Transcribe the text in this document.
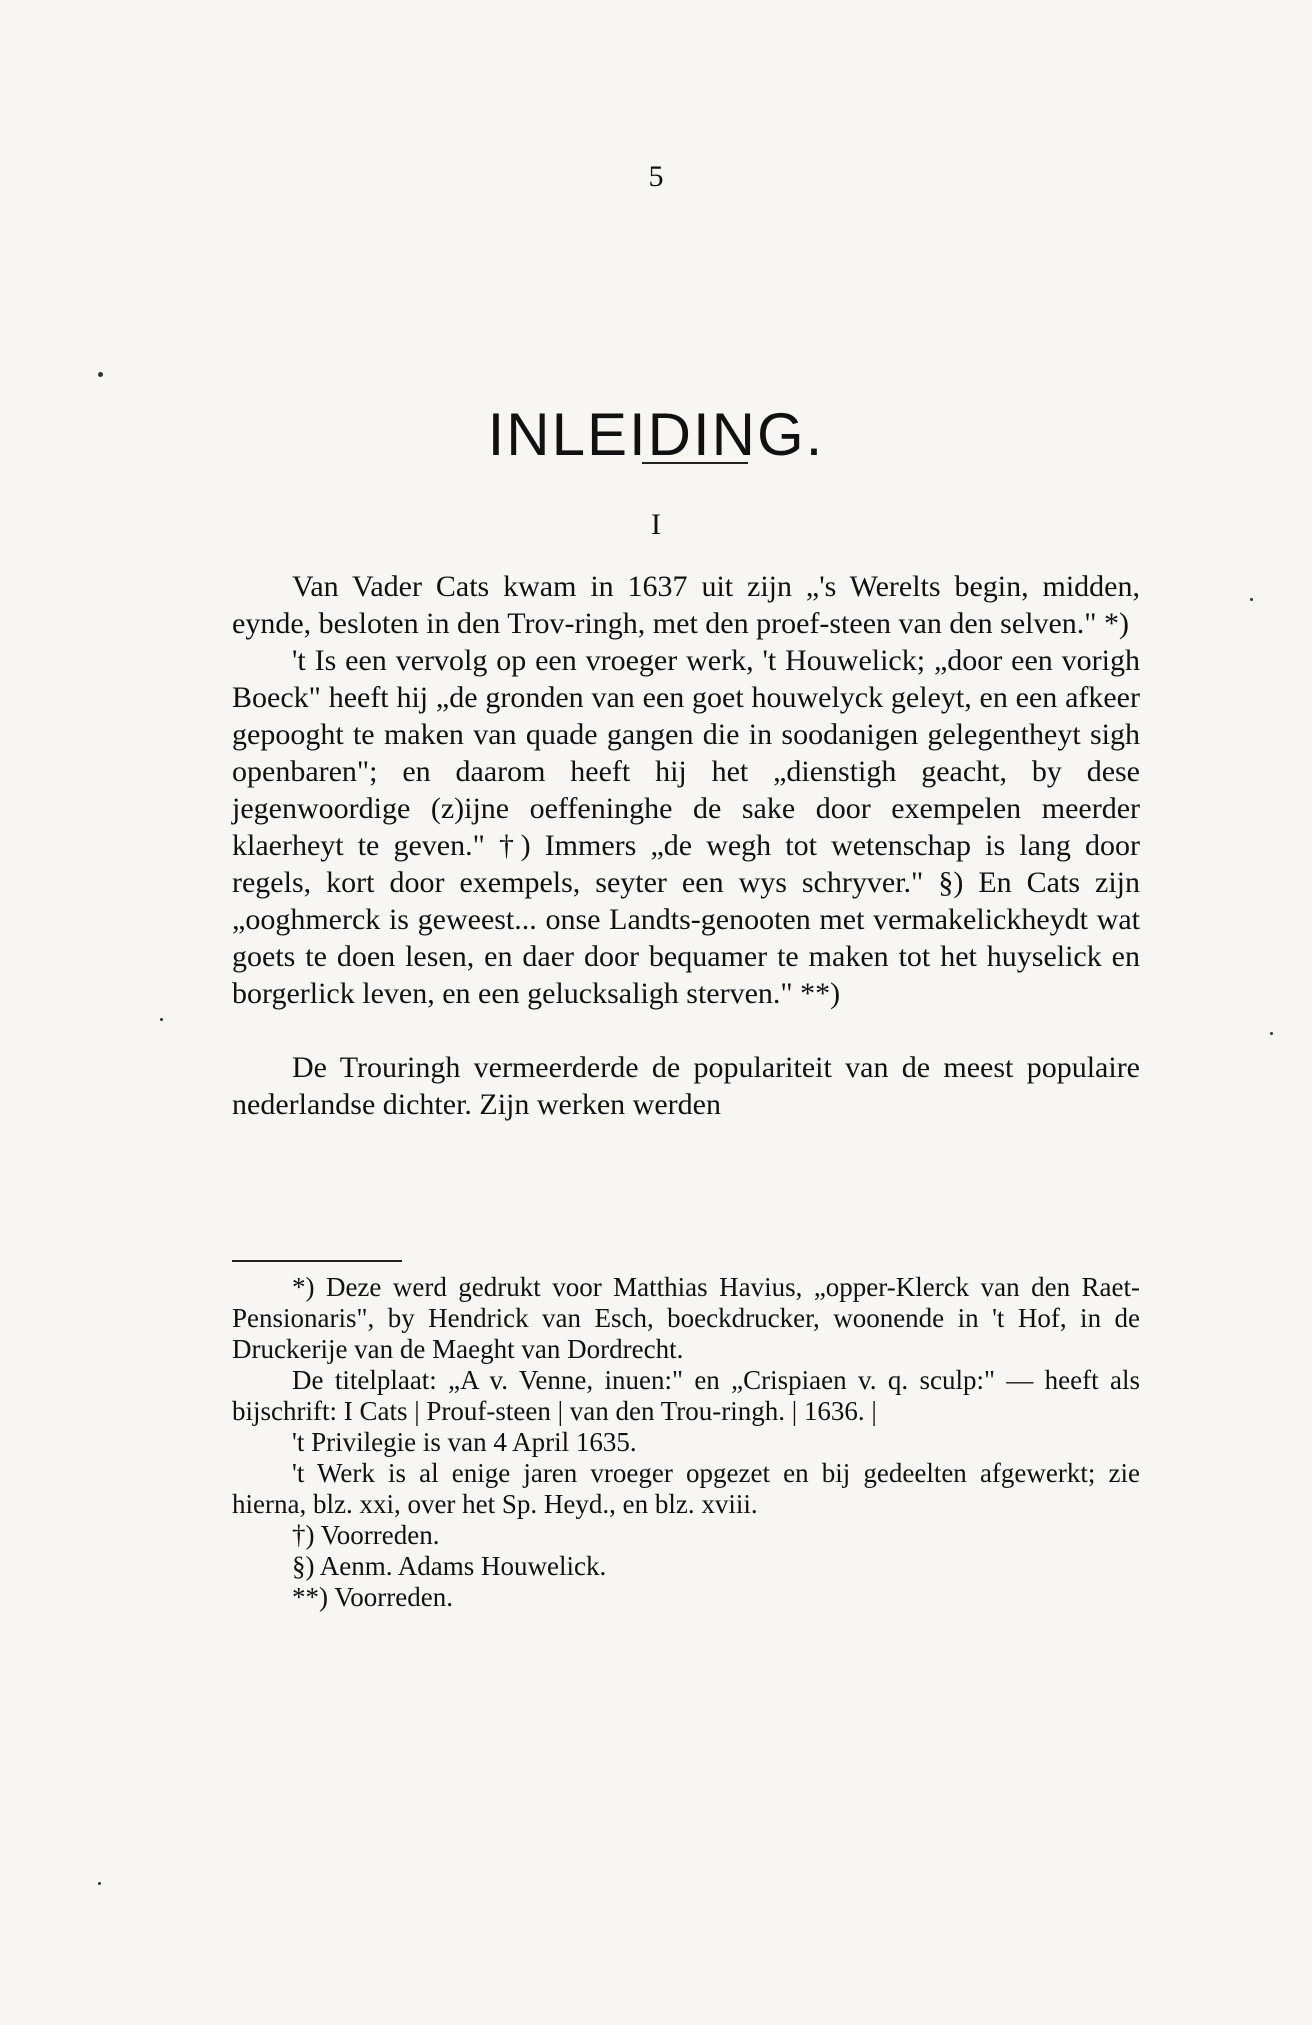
5
INLEIDING.
I

Van Vader Cats kwam in 1637 uit zijn „'s Werelts begin, midden, eynde, besloten in den Trov-ringh, met den proef-steen van den selven." *)

't Is een vervolg op een vroeger werk, 't Houwelick; „door een vorigh Boeck" heeft hij „de gronden van een goet houwelyck geleyt, en een afkeer gepooght te maken van quade gangen die in soodanigen gelegentheyt sigh openbaren"; en daarom heeft hij het „dienstigh geacht, by dese jegenwoordige (z)ijne oeffeninghe de sake door exempelen meerder klaerheyt te geven." †) Immers „de wegh tot wetenschap is lang door regels, kort door exempels, seyter een wys schryver." §) En Cats zijn „ooghmerck is geweest... onse Landts-genooten met vermakelickheydt wat goets te doen lesen, en daer door bequamer te maken tot het huyselick en borgerlick leven, en een gelucksaligh sterven." **)

De Trouringh vermeerderde de populariteit van de meest populaire nederlandse dichter. Zijn werken werden

*) Deze werd gedrukt voor Matthias Havius, „opper-Klerck van den Raet-Pensionaris", by Hendrick van Esch, boeckdrucker, woonende in 't Hof, in de Druckerije van de Maeght van Dordrecht.

De titelplaat: „A v. Venne, inuen:" en „Crispiaen v. q. sculp:" — heeft als bijschrift: I Cats | Prouf-steen | van den Trou-ringh. | 1636. |

't Privilegie is van 4 April 1635.

't Werk is al enige jaren vroeger opgezet en bij gedeelten afgewerkt; zie hierna, blz. xxi, over het Sp. Heyd., en blz. xviii.

†) Voorreden.

§) Aenm. Adams Houwelick.

**) Voorreden.
